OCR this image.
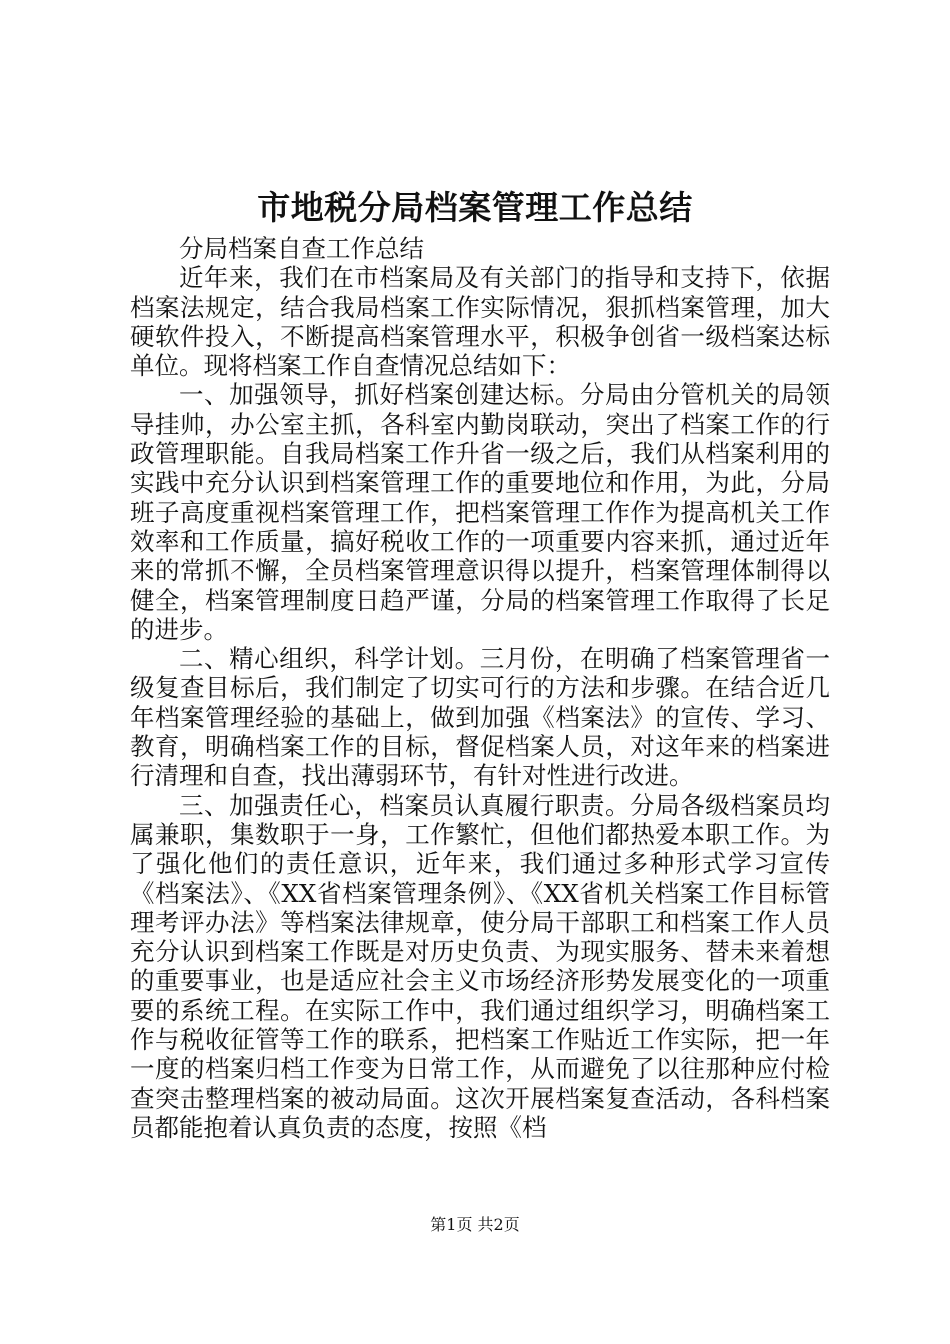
市地税分局档案管理工作总结

分局档案自查工作总结

近年来，我们在市档案局及有关部门的指导和支持下，依据档案法规定，结合我局档案工作实际情况，狠抓档案管理，加大硬软件投入，不断提高档案管理水平，积极争创省一级档案达标单位。现将档案工作自查情况总结如下：

一、加强领导，抓好档案创建达标。分局由分管机关的局领导挂帅，办公室主抓，各科室内勤岗联动，突出了档案工作的行政管理职能。自我局档案工作升省一级之后，我们从档案利用的实践中充分认识到档案管理工作的重要地位和作用，为此，分局班子高度重视档案管理工作，把档案管理工作作为提高机关工作效率和工作质量，搞好税收工作的一项重要内容来抓，通过近年来的常抓不懈，全员档案管理意识得以提升，档案管理体制得以健全，档案管理制度日趋严谨，分局的档案管理工作取得了长足的进步。

二、精心组织，科学计划。三月份，在明确了档案管理省一级复查目标后，我们制定了切实可行的方法和步骤。在结合近几年档案管理经验的基础上，做到加强《档案法》的宣传、学习、教育，明确档案工作的目标，督促档案人员，对这年来的档案进行清理和自查，找出薄弱环节，有针对性进行改进。

三、加强责任心，档案员认真履行职责。分局各级档案员均属兼职，集数职于一身，工作繁忙，但他们都热爱本职工作。为了强化他们的责任意识，近年来，我们通过多种形式学习宣传《档案法》、《XX省档案管理条例》、《XX省机关档案工作目标管理考评办法》等档案法律规章，使分局干部职工和档案工作人员充分认识到档案工作既是对历史负责、为现实服务、替未来着想的重要事业，也是适应社会主义市场经济形势发展变化的一项重要的系统工程。在实际工作中，我们通过组织学习，明确档案工作与税收征管等工作的联系，把档案工作贴近工作实际，把一年一度的档案归档工作变为日常工作，从而避免了以往那种应付检查突击整理档案的被动局面。这次开展档案复查活动，各科档案员都能抱着认真负责的态度，按照《档

第1页 共2页
